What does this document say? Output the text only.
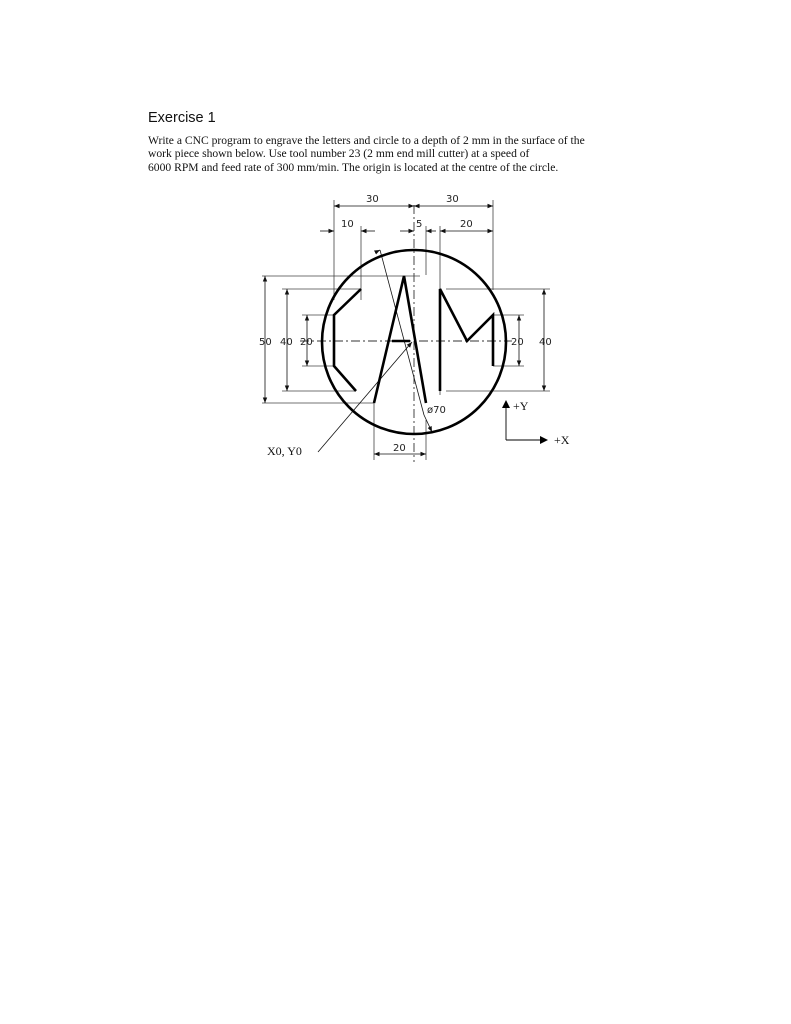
Exercise 1
Write a CNC program to engrave the letters and circle to a depth of 2 mm in the surface of the
work piece shown below. Use tool number 23 (2 mm end mill cutter) at a speed of
6000 RPM and feed rate of 300 mm/min. The origin is located at the centre of the circle.
30	30
10	5	20
50 40 20	20 40
20
ø70
X0, Y0
+Y
+X
